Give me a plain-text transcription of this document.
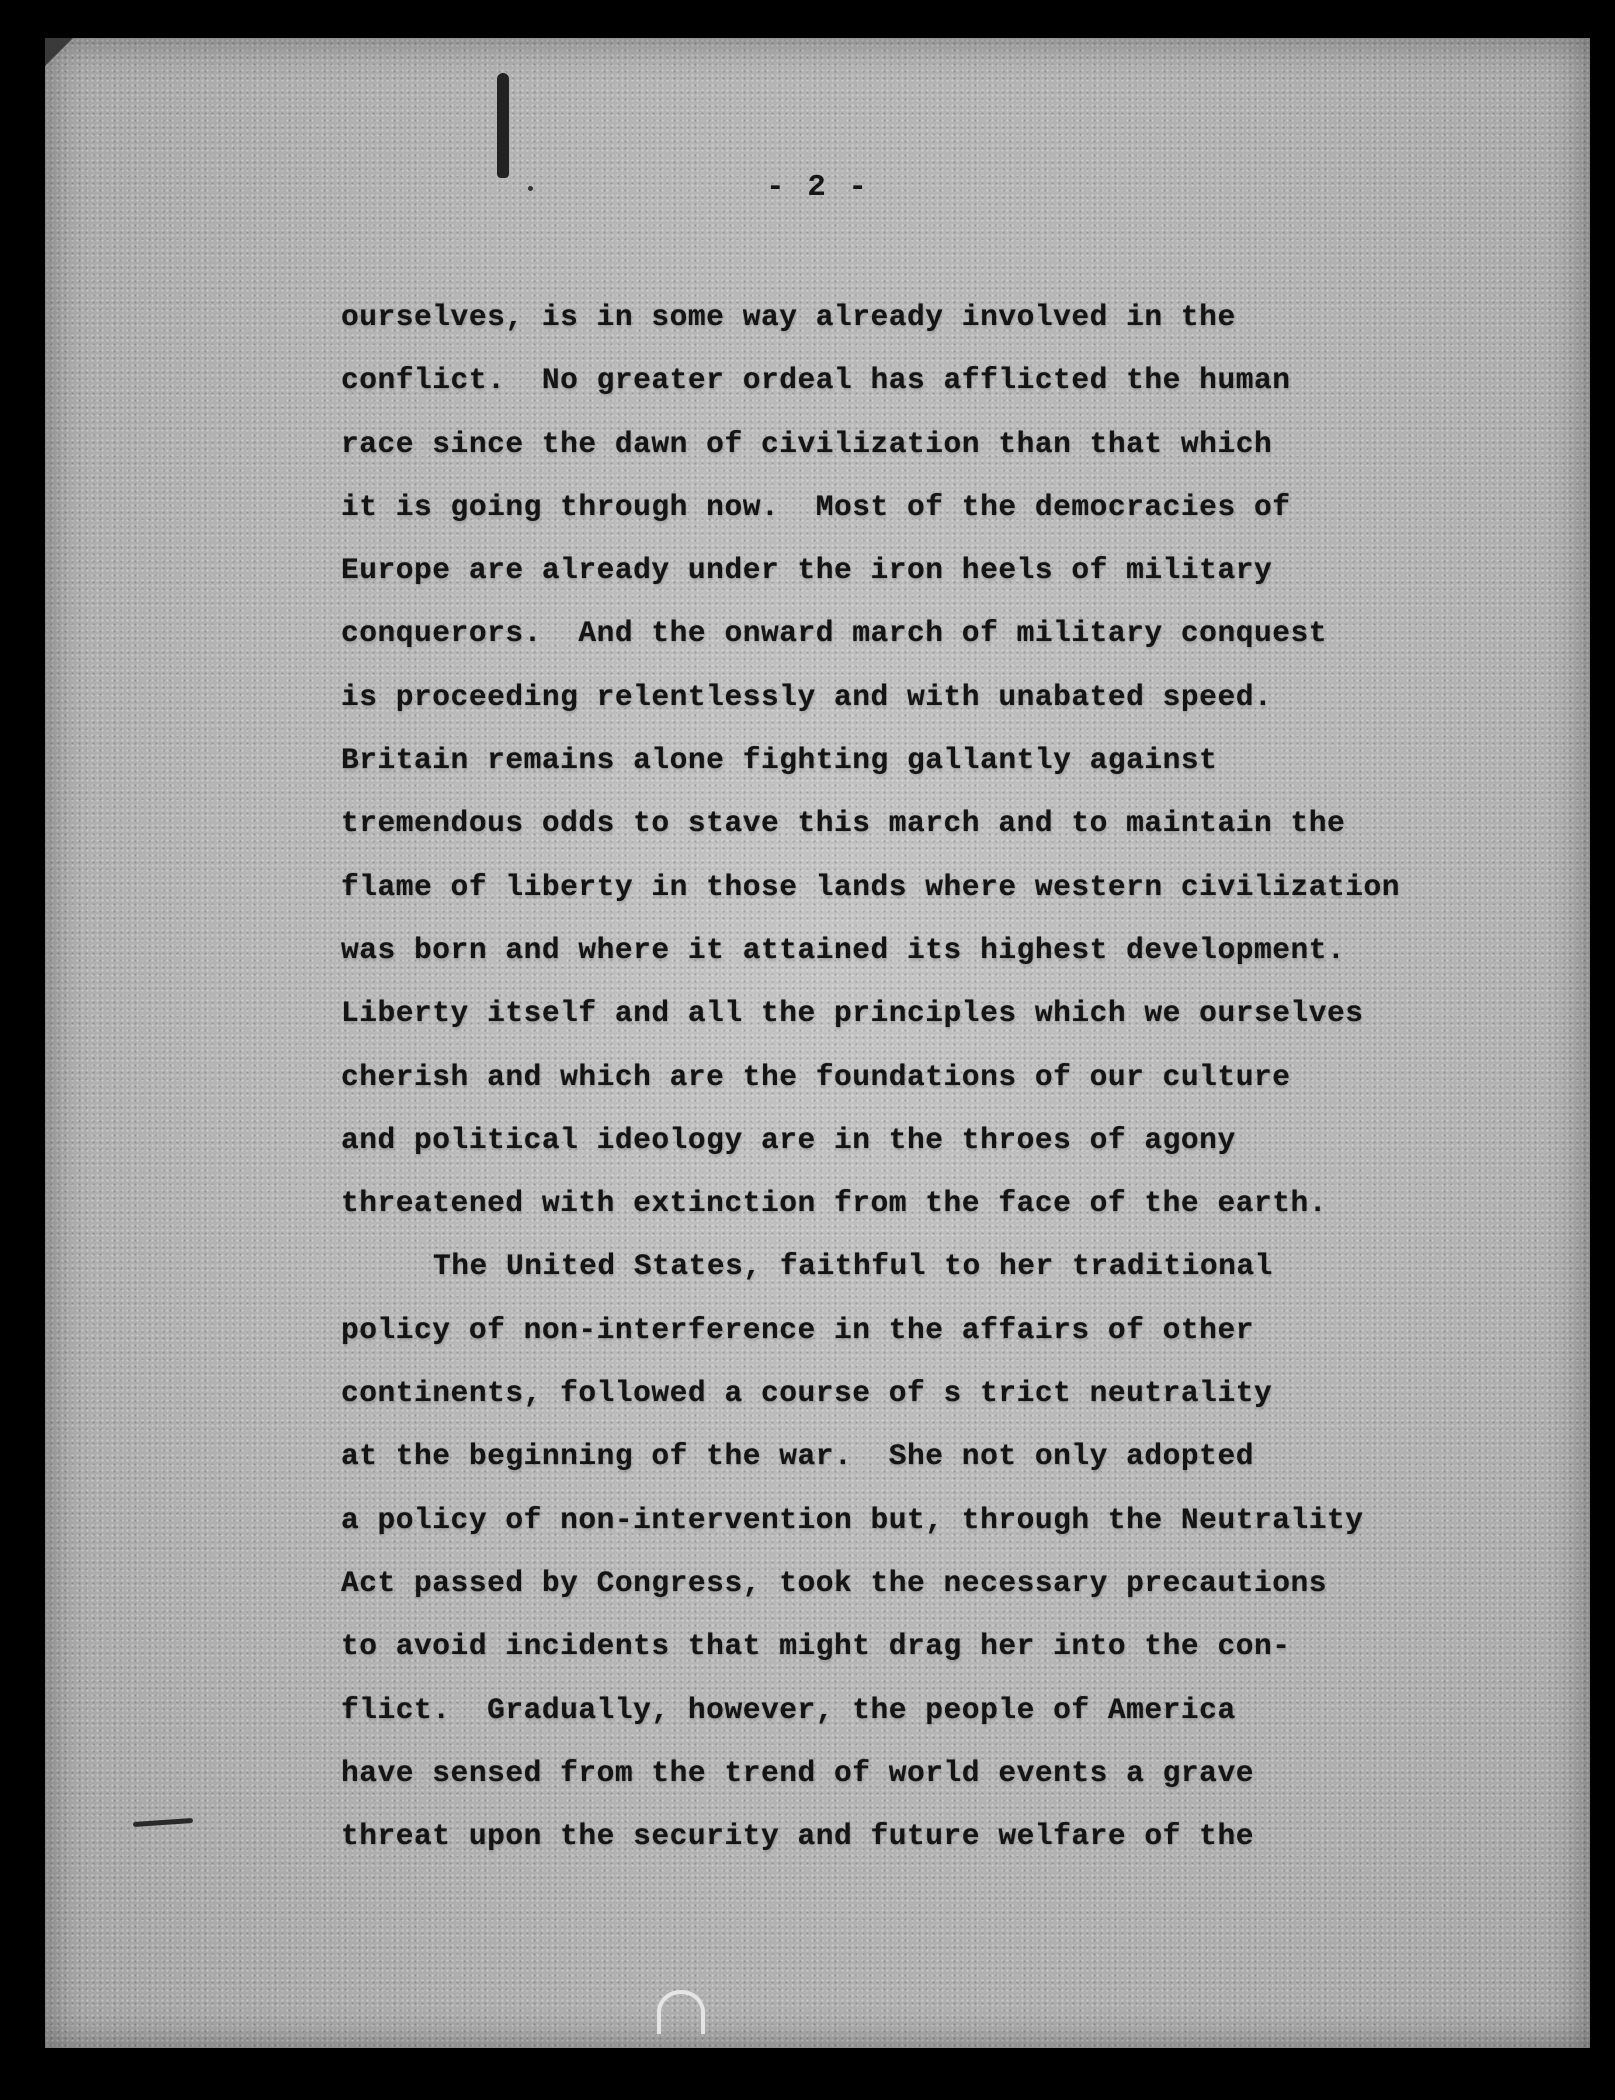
- 2 -
ourselves, is in some way already involved in the
conflict.  No greater ordeal has afflicted the human
race since the dawn of civilization than that which
it is going through now.  Most of the democracies of
Europe are already under the iron heels of military
conquerors.  And the onward march of military conquest
is proceeding relentlessly and with unabated speed.
Britain remains alone fighting gallantly against
tremendous odds to stave this march and to maintain the
flame of liberty in those lands where western civilization
was born and where it attained its highest development.
Liberty itself and all the principles which we ourselves
cherish and which are the foundations of our culture
and political ideology are in the throes of agony
threatened with extinction from the face of the earth.
The United States, faithful to her traditional
policy of non-interference in the affairs of other
continents, followed a course of s trict neutrality
at the beginning of the war.  She not only adopted
a policy of non-intervention but, through the Neutrality
Act passed by Congress, took the necessary precautions
to avoid incidents that might drag her into the con-
flict.  Gradually, however, the people of America
have sensed from the trend of world events a grave
threat upon the security and future welfare of the
